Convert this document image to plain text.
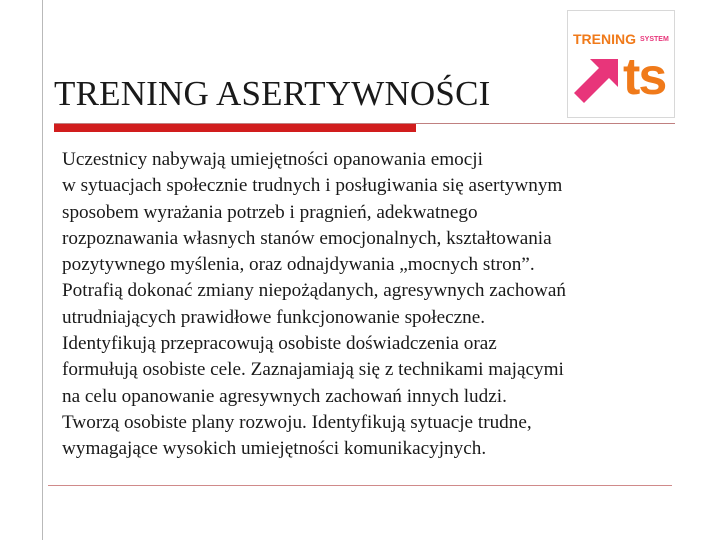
TRENING ASERTYWNOŚCI
TRENING SYSTEM
ts
Uczestnicy nabywają umiejętności opanowania emocji
w sytuacjach społecznie trudnych i posługiwania się asertywnym
sposobem wyrażania potrzeb i pragnień, adekwatnego
rozpoznawania własnych stanów emocjonalnych, kształtowania
pozytywnego myślenia, oraz odnajdywania „mocnych stron”.
Potrafią dokonać zmiany niepożądanych, agresywnych zachowań
utrudniających prawidłowe funkcjonowanie społeczne.
Identyfikują przepracowują osobiste doświadczenia oraz
formułują osobiste cele. Zaznajamiają się z technikami mającymi
na celu opanowanie agresywnych zachowań innych ludzi.
Tworzą osobiste plany rozwoju. Identyfikują sytuacje trudne,
wymagające wysokich umiejętności komunikacyjnych.
